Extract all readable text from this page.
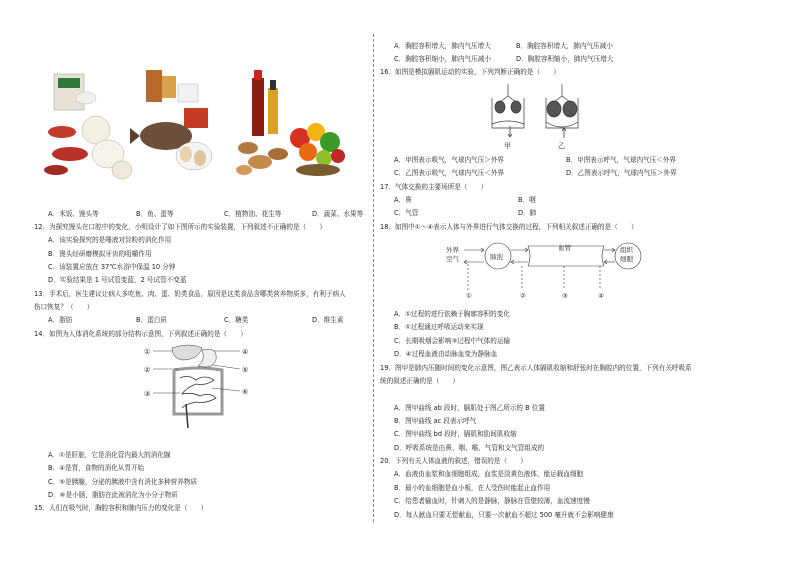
A．米饭、馒头等	B．鱼、蛋等	C．植物油、花生等	D．蔬菜、水果等
12．为探究馒头在口腔中的变化，小明设计了如下图所示的实验装置，下列叙述不正确的是（　　）
A．该实验探究的是唾液对淀粉的消化作用
B．馒头经研磨模拟牙齿的咀嚼作用
C．该装置应放在 37℃水浴中保温 10 分钟
D．实验结果是 1 号试管变蓝，2 号试管不变蓝
13．手术后，医生建议让病人多吃鱼、肉、蛋、奶类食品，原因是这类食品含哪类营养物质多，有利于病人
伤口恢复？（　　）
A．脂肪	B．蛋白质	C．糖类	D．维生素
14．如图为人体消化系统的部分结构示意图，下列叙述正确的是（　　）
①
②
③
④
⑤
⑥
A．①是肝脏，它是消化管内最大的消化腺
B．④是胃，食物的消化从胃开始
C．⑤是胰腺，分泌的胰液中含有消化多种营养物质
D．⑥是小肠，脂肪在此被消化为小分子物质
15．人们在吸气时，胸腔容积和肺内压力的变化是（　　）
A．胸腔容积增大，肺内气压增大	B．胸腔容积增大，肺内气压减小
C．胸腔容积缩小，肺内气压减小	D．胸腔容积缩小，肺内气压增大
16．如图是模拟膈肌运动的实验，下列判断正确的是（　　）
甲	乙
A．甲图表示吸气，气球内气压＞外界	B．甲图表示呼气，气球内气压＜外界
C．乙图表示吸气，气球内气压＜外界	D．乙图表示呼气，气球内气压＞外界
17．气体交换的主要场所是（　　）
A．鼻	B．咽
C．气管	D．肺
18．如图中①～④表示人体与外界进行气体交换的过程，下列相关叙述正确的是（　　）
外界
空气	肺泡
血管	组织
细胞
①	②	③	④
A．①过程的进行依赖于胸廓容积的变化
B．①过程通过呼吸运动来实现
C．长期吸烟会影响③过程中气体的运输
D．④过程血液由动脉血变为静脉血
19．图甲是肺内压随时间的变化示意图，图乙表示人体膈肌收缩和舒张时在胸腔内的位置，下列有关呼吸系
统的叙述正确的是（　　）
A．图甲曲线 ab 段时，膈肌处于图乙所示的 B 位置
B．图甲曲线 ac 段表示呼气
C．图甲曲线 bd 段时，膈肌和肋间肌收缩
D．呼吸系统是由鼻、咽、喉、气管和支气管组成的
20．下列有关人体血液的叙述，错误的是（　　）
A．血液由血浆和血细胞组成，血浆是淡黄色液体，能运载血细胞
B．最小的血细胞是血小板，在人受伤时能起止血作用
C．给患者输血时，针刺入的是静脉，静脉在管壁较薄，血流速度慢
D．每人献血只要无偿献血，只要一次献血不超过 500 毫升就不会影响健康
